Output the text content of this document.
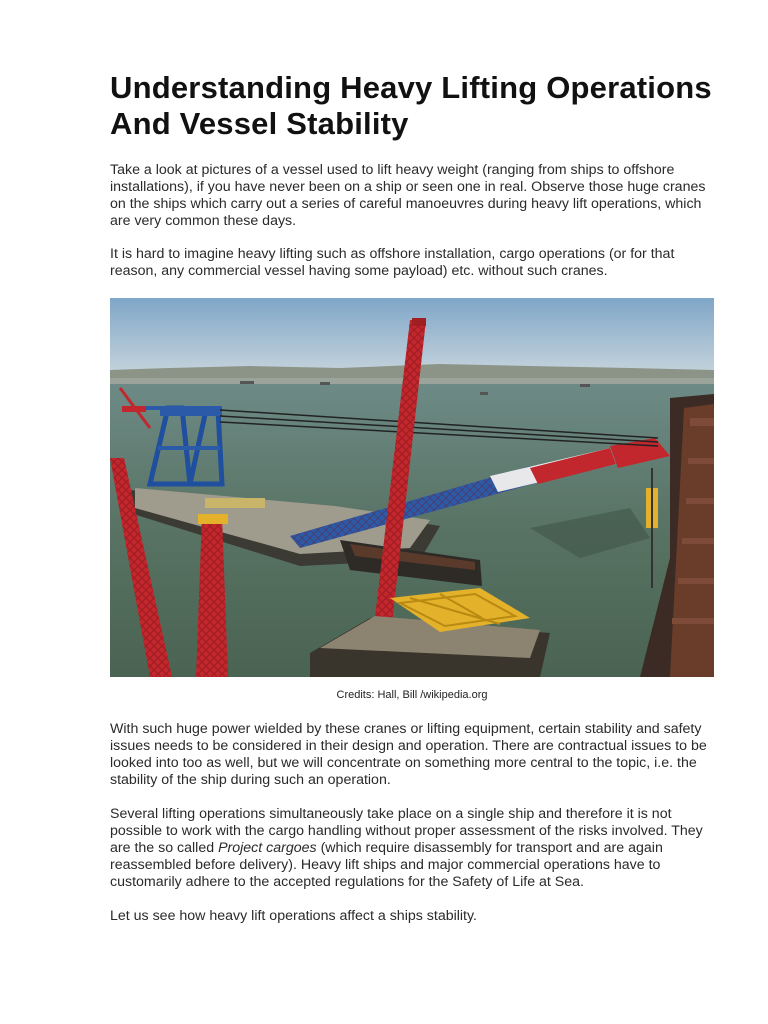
Understanding Heavy Lifting Operations And Vessel Stability

Take a look at pictures of a vessel used to lift heavy weight (ranging from ships to offshore installations), if you have never been on a ship or seen one in real. Observe those huge cranes on the ships which carry out a series of careful manoeuvres during heavy lift operations, which are very common these days.

It is hard to imagine heavy lifting such as offshore installation, cargo operations (or for that reason, any commercial vessel having some payload) etc. without such cranes.

Credits: Hall, Bill /wikipedia.org

With such huge power wielded by these cranes or lifting equipment, certain stability and safety issues needs to be considered in their design and operation. There are contractual issues to be looked into too as well, but we will concentrate on something more central to the topic, i.e. the stability of the ship during such an operation.

Several lifting operations simultaneously take place on a single ship and therefore it is not possible to work with the cargo handling without proper assessment of the risks involved. They are the so called Project cargoes (which require disassembly for transport and are again reassembled before delivery). Heavy lift ships and major commercial operations have to customarily adhere to the accepted regulations for the Safety of Life at Sea.

Let us see how heavy lift operations affect a ships stability.
